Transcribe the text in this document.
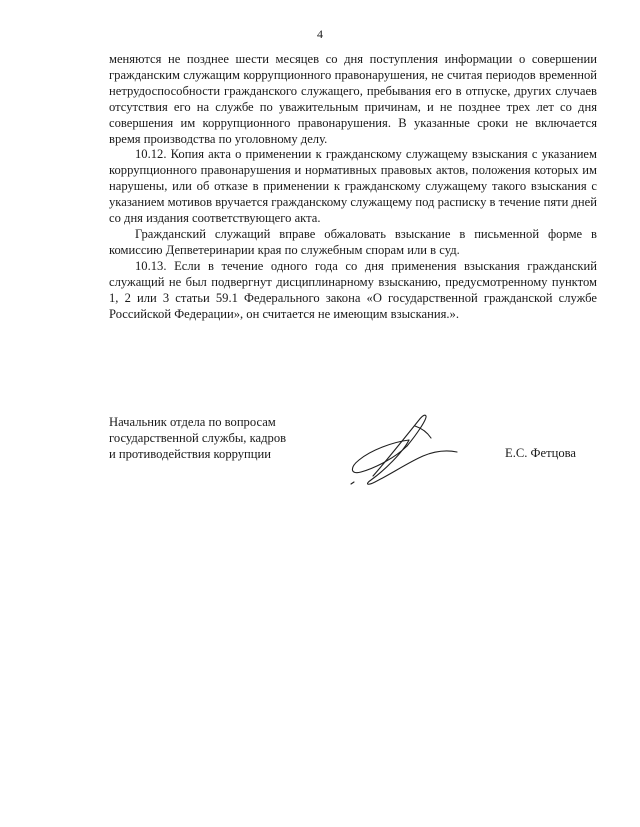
4

меняются не позднее шести месяцев со дня поступления информации о совершении гражданским служащим коррупционного правонарушения, не считая периодов временной нетрудоспособности гражданского служащего, пребывания его в отпуске, других случаев отсутствия его на службе по уважительным причинам, и не позднее трех лет со дня совершения им коррупционного правонарушения. В указанные сроки не включается время производства по уголовному делу.

10.12. Копия акта о применении к гражданскому служащему взыскания с указанием коррупционного правонарушения и нормативных правовых актов, положения которых им нарушены, или об отказе в применении к гражданскому служащему такого взыскания с указанием мотивов вручается гражданскому служащему под расписку в течение пяти дней со дня издания соответствующего акта.

Гражданский служащий вправе обжаловать взыскание в письменной форме в комиссию Депветеринарии края по служебным спорам или в суд.

10.13. Если в течение одного года со дня применения взыскания гражданский служащий не был подвергнут дисциплинарному взысканию, предусмотренному пунктом 1, 2 или 3 статьи 59.1 Федерального закона «О государственной гражданской службе Российской Федерации», он считается не имеющим взыскания.».

Начальник отдела по вопросам
государственной службы, кадров
и противодействия коррупции	Е.С. Фетцова
